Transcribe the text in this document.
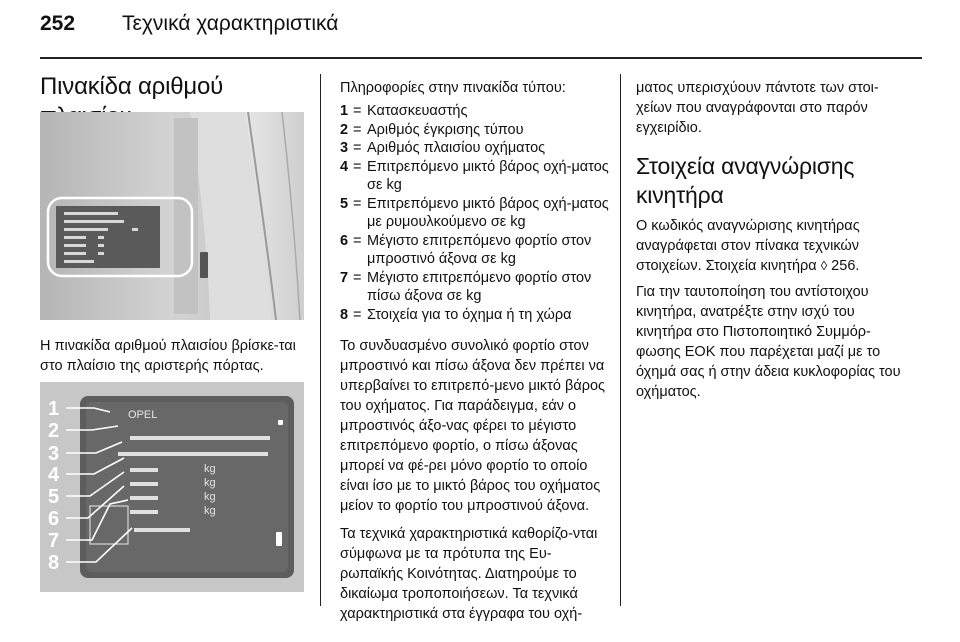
252 Τεχνικά χαρακτηριστικά
Πινακίδα αριθμού
Η πινακίδα αριθμού πλαισίου βρίσκε-ται στο πλαίσιο της αριστερής πόρτας.
1
2
3
4
5
6
7
8
OPEL
kg
kg
kg
kg

Πληροφορίες στην πινακίδα τύπου:

1 = Κατασκευαστής
2 = Αριθμός έγκρισης τύπου
3 = Αριθμός πλαισίου οχήματος
4 = Επιτρεπόμενο μικτό βάρος οχή-ματος σε kg
5 = Επιτρεπόμενο μικτό βάρος οχή-ματος με ρυμουλκούμενο σε kg
6 = Μέγιστο επιτρεπόμενο φορτίο στον μπροστινό άξονα σε kg
7 = Μέγιστο επιτρεπόμενο φορτίο στον πίσω άξονα σε kg
8 = Στοιχεία για το όχημα ή τη χώρα

Το συνδυασμένο συνολικό φορτίο στον μπροστινό και πίσω άξονα δεν πρέπει να υπερβαίνει το επιτρεπό-μενο μικτό βάρος του οχήματος. Για παράδειγμα, εάν ο μπροστινός άξο-νας φέρει το μέγιστο επιτρεπόμενο φορτίο, ο πίσω άξονας μπορεί να φέ-ρει μόνο φορτίο το οποίο είναι ίσο με το μικτό βάρος του οχήματος μείον το φορτίο του μπροστινού άξονα.

Τα τεχνικά χαρακτηριστικά καθορίζο-νται σύμφωνα με τα πρότυπα της Ευ-ρωπαϊκής Κοινότητας. Διατηρούμε το δικαίωμα τροποποιήσεων. Τα τεχνικά χαρακτηριστικά στα έγγραφα του οχή-

ματος υπερισχύουν πάντοτε των στοι-χείων που αναγράφονται στο παρόν εγχειρίδιο.

Στοιχεία αναγνώρισης κινητήρα

Ο κωδικός αναγνώρισης κινητήρας αναγράφεται στον πίνακα τεχνικών στοιχείων. Στοιχεία κινητήρα ◊ 256.

Για την ταυτοποίηση του αντίστοιχου κινητήρα, ανατρέξτε στην ισχύ του κινητήρα στο Πιστοποιητικό Συμμόρ-φωσης ΕΟΚ που παρέχεται μαζί με το όχημά σας ή στην άδεια κυκλοφορίας του οχήματος.
